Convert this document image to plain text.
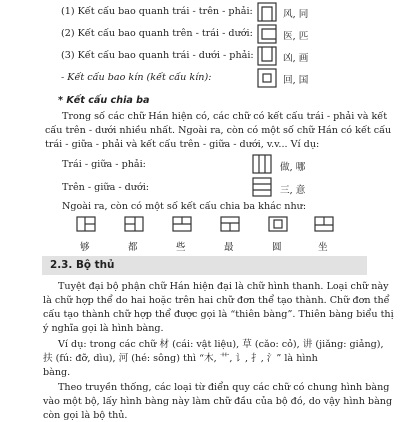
(1) Kết cấu bao quanh trái - trên - phải:	风, 同
(2) Kết cấu bao quanh trên - trái - dưới:	医, 匹
(3) Kết cấu bao quanh trái - dưới - phải:	凶, 画
- Kết cấu bao kín (kết cấu kín):	回, 国
* Kết cấu chia ba
Trong số các chữ Hán hiện có, các chữ có kết cấu trái - phải và kết
cấu trên - dưới nhiều nhất. Ngoài ra, còn có một số chữ Hán có kết cấu
trái - giữa - phải và kết cấu trên - giữa - dưới, v.v... Ví dụ:
Trái - giữa - phải:	做, 哪
Trên - giữa - dưới:	三, 意
Ngoài ra, còn có một số kết cấu chia ba khác như:
够	都	些	最	圆	坐
2.3. Bộ thủ
Tuyệt đại bộ phận chữ Hán hiện đại là chữ hình thanh. Loại chữ này
là chữ hợp thể do hai hoặc trên hai chữ đơn thể tạo thành. Chữ đơn thể
cấu tạo thành chữ hợp thể được gọi là “thiên bàng”. Thiên bàng biểu thị
ý nghĩa gọi là hình bàng.
Ví dụ: trong các chữ 材 (cái: vật liệu), 草 (cǎo: cỏ), 讲 (jiǎng: giảng),
扶 (fú: đỡ, dìu), 河 (hé: sông) thì “木, 艹, 讠, 扌, 氵” là hình
bàng.
Theo truyền thống, các loại từ điển quy các chữ có chung hình bàng
vào một bộ, lấy hình bàng này làm chữ đầu của bộ đó, do vậy hình bàng
còn gọi là bộ thủ.
